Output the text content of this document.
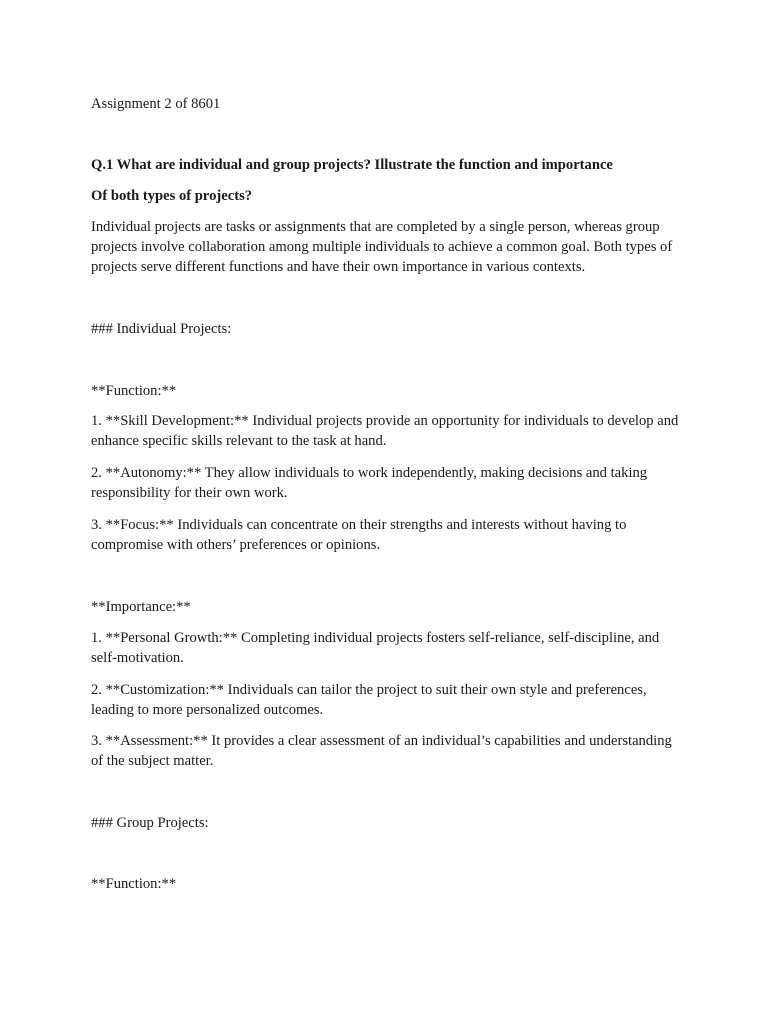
Assignment 2 of 8601

Q.1 What are individual and group projects? Illustrate the function and importance

Of both types of projects?

Individual projects are tasks or assignments that are completed by a single person, whereas group projects involve collaboration among multiple individuals to achieve a common goal. Both types of projects serve different functions and have their own importance in various contexts.

### Individual Projects:

**Function:**

1. **Skill Development:** Individual projects provide an opportunity for individuals to develop and enhance specific skills relevant to the task at hand.

2. **Autonomy:** They allow individuals to work independently, making decisions and taking responsibility for their own work.

3. **Focus:** Individuals can concentrate on their strengths and interests without having to compromise with others’ preferences or opinions.

**Importance:**

1. **Personal Growth:** Completing individual projects fosters self-reliance, self-discipline, and self-motivation.

2. **Customization:** Individuals can tailor the project to suit their own style and preferences, leading to more personalized outcomes.

3. **Assessment:** It provides a clear assessment of an individual’s capabilities and understanding of the subject matter.

### Group Projects:

**Function:**
